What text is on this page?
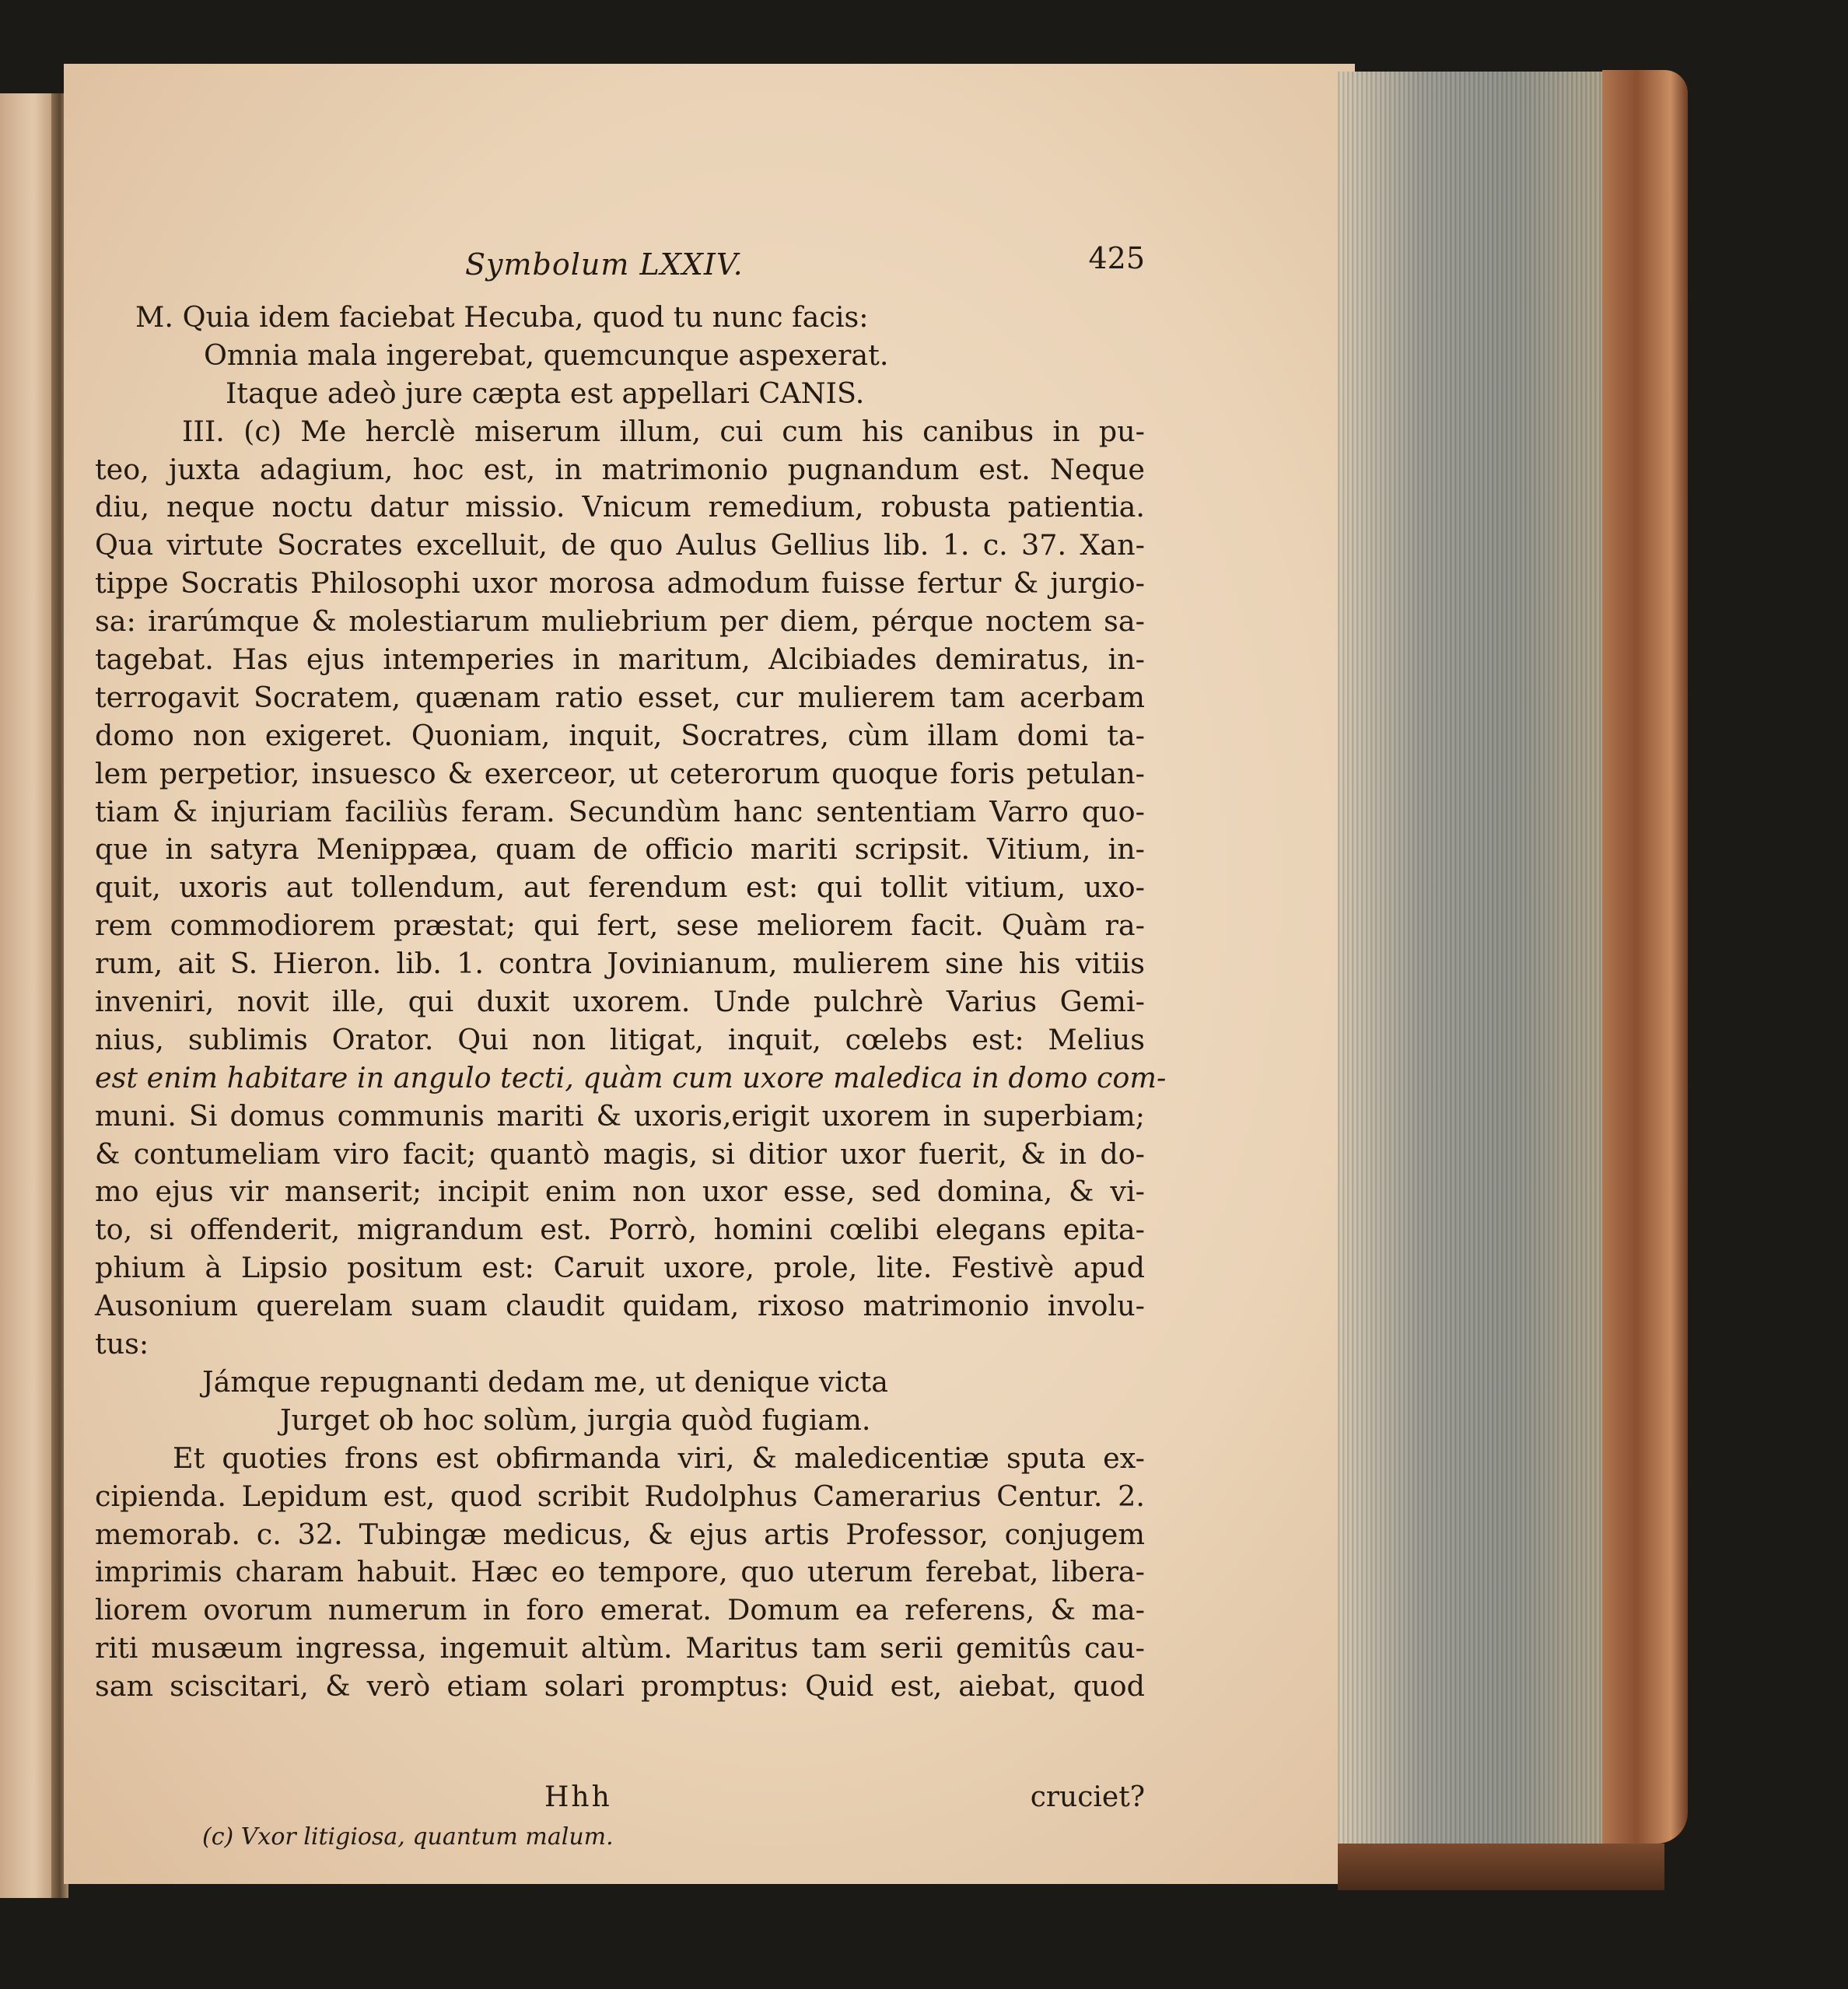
Symbolum LXXIV.	425
M. Quia idem faciebat Hecuba, quod tu nunc facis:
Omnia mala ingerebat, quemcunque aspexerat.
Itaque adeò jure cæpta est appellari CANIS.
III. (c) Me herclè miserum illum, cui cum his canibus in pu-
teo, juxta adagium, hoc est, in matrimonio pugnandum est. Neque
diu, neque noctu datur missio. Vnicum remedium, robusta patientia.
Qua virtute Socrates excelluit, de quo Aulus Gellius lib. 1. c. 37. Xan-
tippe Socratis Philosophi uxor morosa admodum fuisse fertur & jurgio-
sa: irarúmque & molestiarum muliebrium per diem, pérque noctem sa-
tagebat. Has ejus intemperies in maritum, Alcibiades demiratus, in-
terrogavit Socratem, quænam ratio esset, cur mulierem tam acerbam
domo non exigeret. Quoniam, inquit, Socratres, cùm illam domi ta-
lem perpetior, insuesco & exerceor, ut ceterorum quoque foris petulan-
tiam & injuriam faciliùs feram. Secundùm hanc sententiam Varro quo-
que in satyra Menippæa, quam de officio mariti scripsit. Vitium, in-
quit, uxoris aut tollendum, aut ferendum est: qui tollit vitium, uxo-
rem commodiorem præstat; qui fert, sese meliorem facit. Quàm ra-
rum, ait S. Hieron. lib. 1. contra Jovinianum, mulierem sine his vitiis
inveniri, novit ille, qui duxit uxorem. Unde pulchrè Varius Gemi-
nius, sublimis Orator. Qui non litigat, inquit, cœlebs est: Melius
est enim habitare in angulo tecti, quàm cum uxore maledica in domo com-
muni. Si domus communis mariti & uxoris,erigit uxorem in superbiam;
& contumeliam viro facit; quantò magis, si ditior uxor fuerit, & in do-
mo ejus vir manserit; incipit enim non uxor esse, sed domina, & vi-
to, si offenderit, migrandum est. Porrò, homini cœlibi elegans epita-
phium à Lipsio positum est: Caruit uxore, prole, lite. Festivè apud
Ausonium querelam suam claudit quidam, rixoso matrimonio involu-
tus:
Jámque repugnanti dedam me, ut denique victa
Jurget ob hoc solùm, jurgia quòd fugiam.
Et quoties frons est obfirmanda viri, & maledicentiæ sputa ex-
cipienda. Lepidum est, quod scribit Rudolphus Camerarius Centur. 2.
memorab. c. 32. Tubingæ medicus, & ejus artis Professor, conjugem
imprimis charam habuit. Hæc eo tempore, quo uterum ferebat, libera-
liorem ovorum numerum in foro emerat. Domum ea referens, & ma-
riti musæum ingressa, ingemuit altùm. Maritus tam serii gemitûs cau-
sam sciscitari, & verò etiam solari promptus: Quid est, aiebat, quod
Hhh	cruciet?
(c) Vxor litigiosa, quantum malum.
